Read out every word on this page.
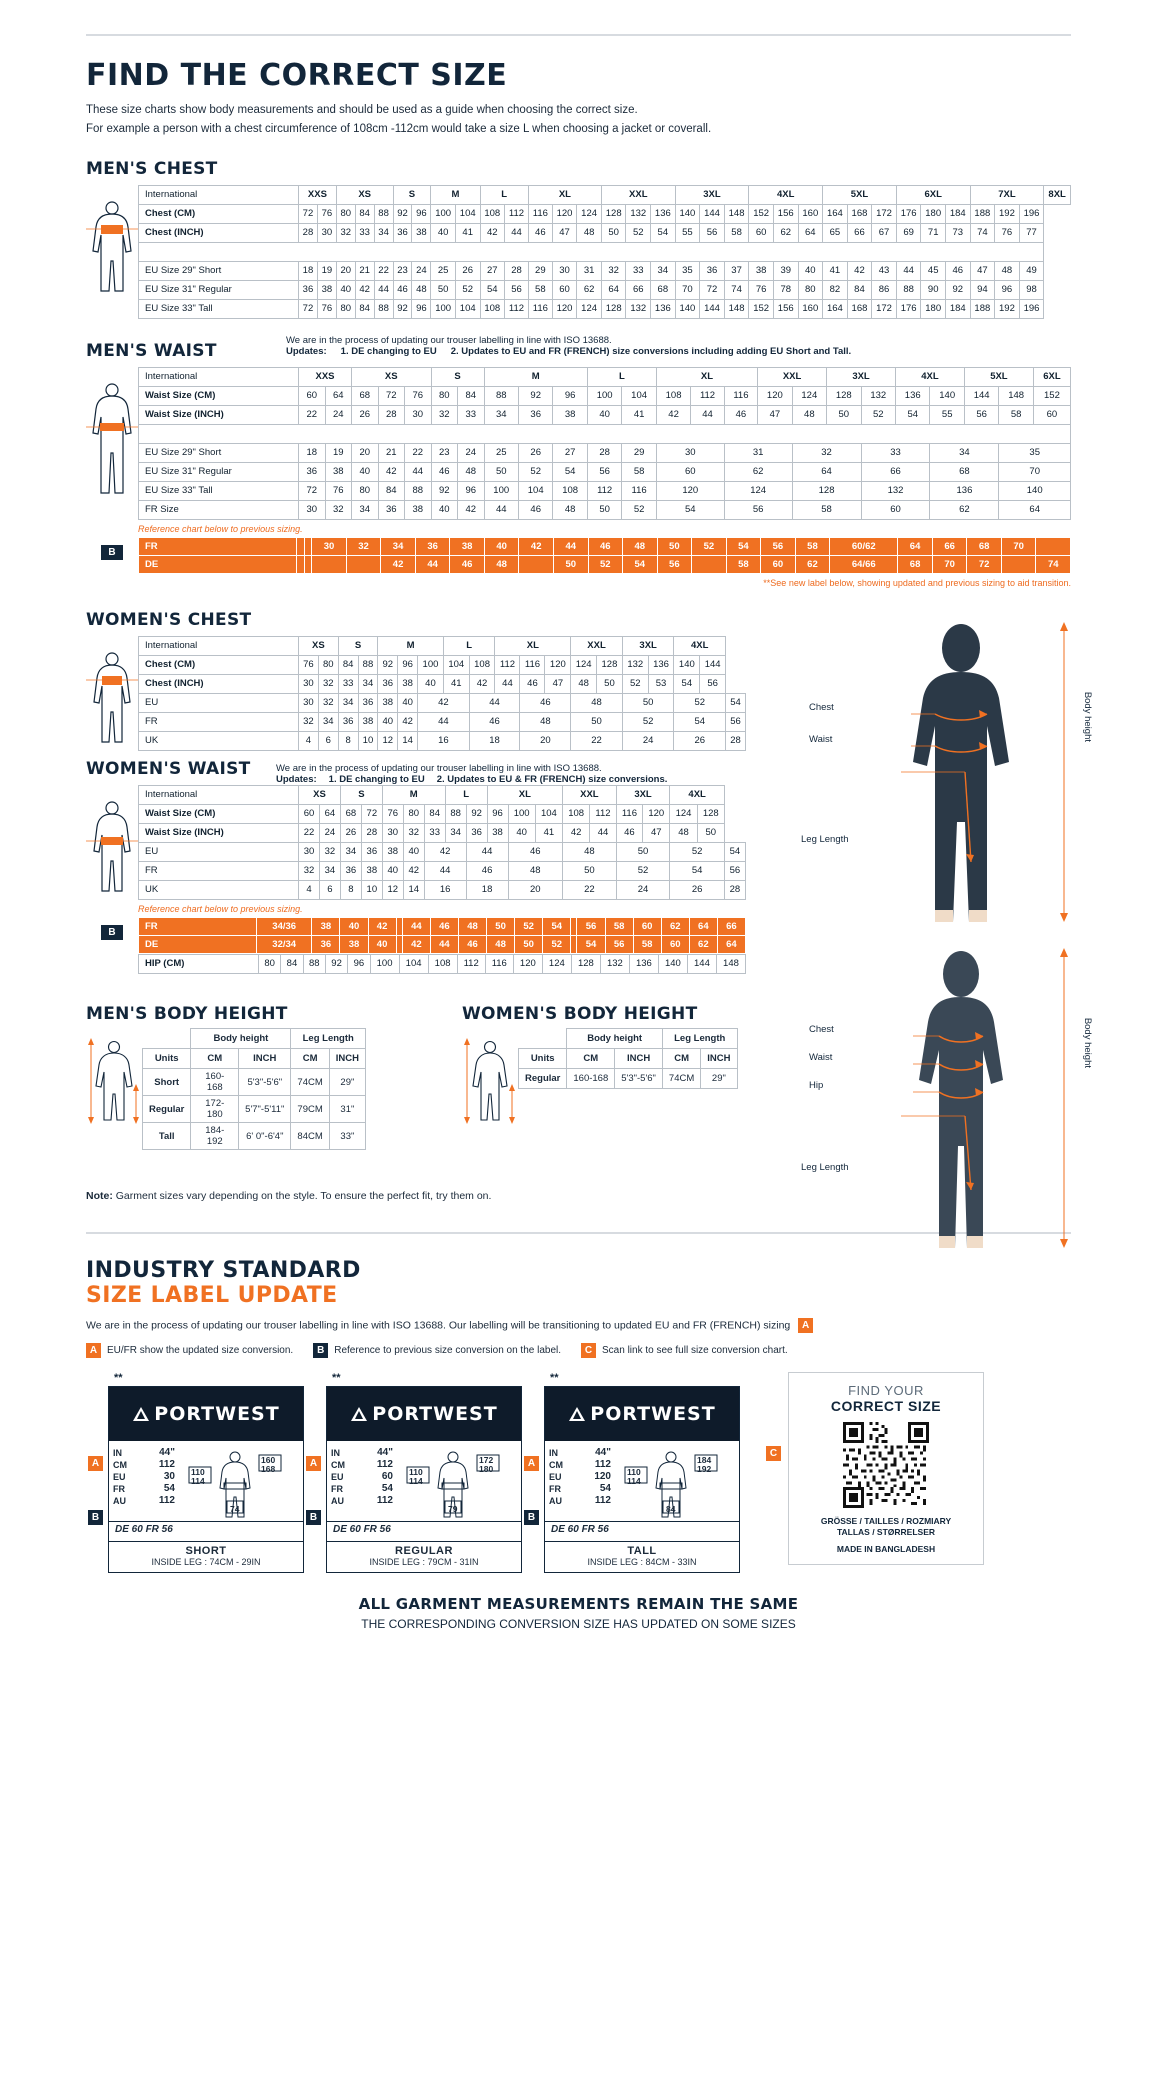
FIND THE CORRECT SIZE
These size charts show body measurements and should be used as a guide when choosing the correct size.
For example a person with a chest circumference of 108cm -112cm would take a size L when choosing a jacket or coverall.
MEN'S CHEST
International	XXS		XS			S		M		L		XL			XXL			3XL			4XL			5XL			6XL			7XL			8XL
Chest (CM)	72	76	80	84	88	92	96	100	104	108	112	116	120	124	128	132	136	140	144	148	152	156	160	164	168	172	176	180	184	188	192	196	
Chest (INCH)	28	30	32	33	34	36	38	40	41	42	44	46	47	48	50	52	54	55	56	58	60	62	64	65	66	67	69	71	73	74	76	77	

EU Size 29" Short	18	19	20	21	22	23	24	25	26	27	28	29	30	31	32	33	34	35	36	37	38	39	40	41	42	43	44	45	46	47	48	49	
EU Size 31" Regular	36	38	40	42	44	46	48	50	52	54	56	58	60	62	64	66	68	70	72	74	76	78	80	82	84	86	88	90	92	94	96	98	
EU Size 33" Tall	72	76	80	84	88	92	96	100	104	108	112	116	120	124	128	132	136	140	144	148	152	156	160	164	168	172	176	180	184	188	192	196	
MEN'S WAIST
We are in the process of updating our trouser labelling in line with ISO 13688.
Updates: 1. DE changing to EU 2. Updates to EU and FR (FRENCH) size conversions including adding EU Short and Tall.
International	XXS		XS			S		M			L		XL			XXL		3XL		4XL		5XL		6XL
Waist Size (CM)	60	64	68	72	76	80	84	88	92	96	100	104	108	112	116	120	124	128	132	136	140	144	148	152
Waist Size (INCH)	22	24	26	28	30	32	33	34	36	38	40	41	42	44	46	47	48	50	52	54	55	56	58	60

EU Size 29" Short	18	19	20	21	22	23	24	25	26	27	28	29	30		31		32		33		34		35	
EU Size 31" Regular	36	38	40	42	44	46	48	50	52	54	56	58	60		62		64		66		68		70	
EU Size 33" Tall	72	76	80	84	88	92	96	100	104	108	112	116	120		124		128		132		136		140	
FR Size	30	32	34	36	38	40	42	44	46	48	50	52	54		56		58		60		62		64	
Reference chart below to previous sizing.
B
FR			30	32	34	36	38	40	42	44	46	48	50	52	54	56	58	60/62	64	66	68	70	
DE					42	44	46	48		50	52	54	56		58	60	62	64/66	68	70	72		74
**See new label below, showing updated and previous sizing to aid transition.
Chest
Waist
Leg Length
Body height
Chest
Waist
Hip
Leg Length
Body height
WOMEN'S CHEST
International	XS		S		M			L		XL			XXL		3XL		4XL		
Chest (CM)	76	80	84	88	92	96	100	104	108	112	116	120	124	128	132	136	140	144	
Chest (INCH)	30	32	33	34	36	38	40	41	42	44	46	47	48	50	52	53	54	56	
EU	30	32	34	36	38	40	42		44		46		48		50		52		54
FR	32	34	36	38	40	42	44		46		48		50		52		54		56
UK	4	6	8	10	12	14	16		18		20		22		24		26		28
We are in the process of updating our trouser labelling in line with ISO 13688.
Updates: 1. DE changing to EU 2. Updates to EU & FR (FRENCH) size conversions.
WOMEN'S WAIST
International	XS		S		M			L		XL			XXL		3XL		4XL		
Waist Size (CM)	60	64	68	72	76	80	84	88	92	96	100	104	108	112	116	120	124	128	
Waist Size (INCH)	22	24	26	28	30	32	33	34	36	38	40	41	42	44	46	47	48	50	
EU	30	32	34	36	38	40	42		44		46		48		50		52		54
FR	32	34	36	38	40	42	44		46		48		50		52		54		56
UK	4	6	8	10	12	14	16		18		20		22		24		26		28
Reference chart below to previous sizing.
B
FR	34/36	38	40	42		44	46	48	50	52	54		56	58	60	62	64	66
DE	32/34	36	38	40		42	44	46	48	50	52		54	56	58	60	62	64
HIP (CM)	80	84	88	92	96	100	104	108	112	116	120	124	128	132	136	140	144	148
MEN'S BODY HEIGHT
	Body height		Leg Length	
Units	CM	INCH	CM	INCH
Short	160-168	5'3"-5'6"	74CM	29"
Regular	172-180	5'7"-5'11"	79CM	31"
Tall	184-192	6' 0"-6'4"	84CM	33"
WOMEN'S BODY HEIGHT
	Body height		Leg Length	
Units	CM	INCH	CM	INCH
Regular	160-168	5'3"-5'6"	74CM	29"
Note: Garment sizes vary depending on the style. To ensure the perfect fit, try them on.
INDUSTRY STANDARD
SIZE LABEL UPDATE
We are in the process of updating our trouser labelling in line with ISO 13688. Our labelling will be transitioning to updated EU and FR (FRENCH) sizing A
A EU/FR show the updated size conversion.	B Reference to previous size conversion on the label.	C Scan link to see full size conversion chart.
**
PORTWEST
IN	44"
CM	112
EU	30
FR	54
AU	112
110
114
160
168
74
DE 60 FR 56
SHORT
INSIDE LEG : 74CM - 29IN
A
B
**
PORTWEST
IN	44"
CM	112
EU	60
FR	54
AU	112
110
114
172
180
79
DE 60 FR 56
REGULAR
INSIDE LEG : 79CM - 31IN
A
B
**
PORTWEST
IN	44"
CM	112
EU	120
FR	54
AU	112
110
114
184
192
84
DE 60 FR 56
TALL
INSIDE LEG : 84CM - 33IN
A
B
C
FIND YOUR
CORRECT SIZE
GRÖSSE / TAILLES / ROZMIARY
TALLAS / STØRRELSER
MADE IN BANGLADESH
ALL GARMENT MEASUREMENTS REMAIN THE SAME
THE CORRESPONDING CONVERSION SIZE HAS UPDATED ON SOME SIZES
